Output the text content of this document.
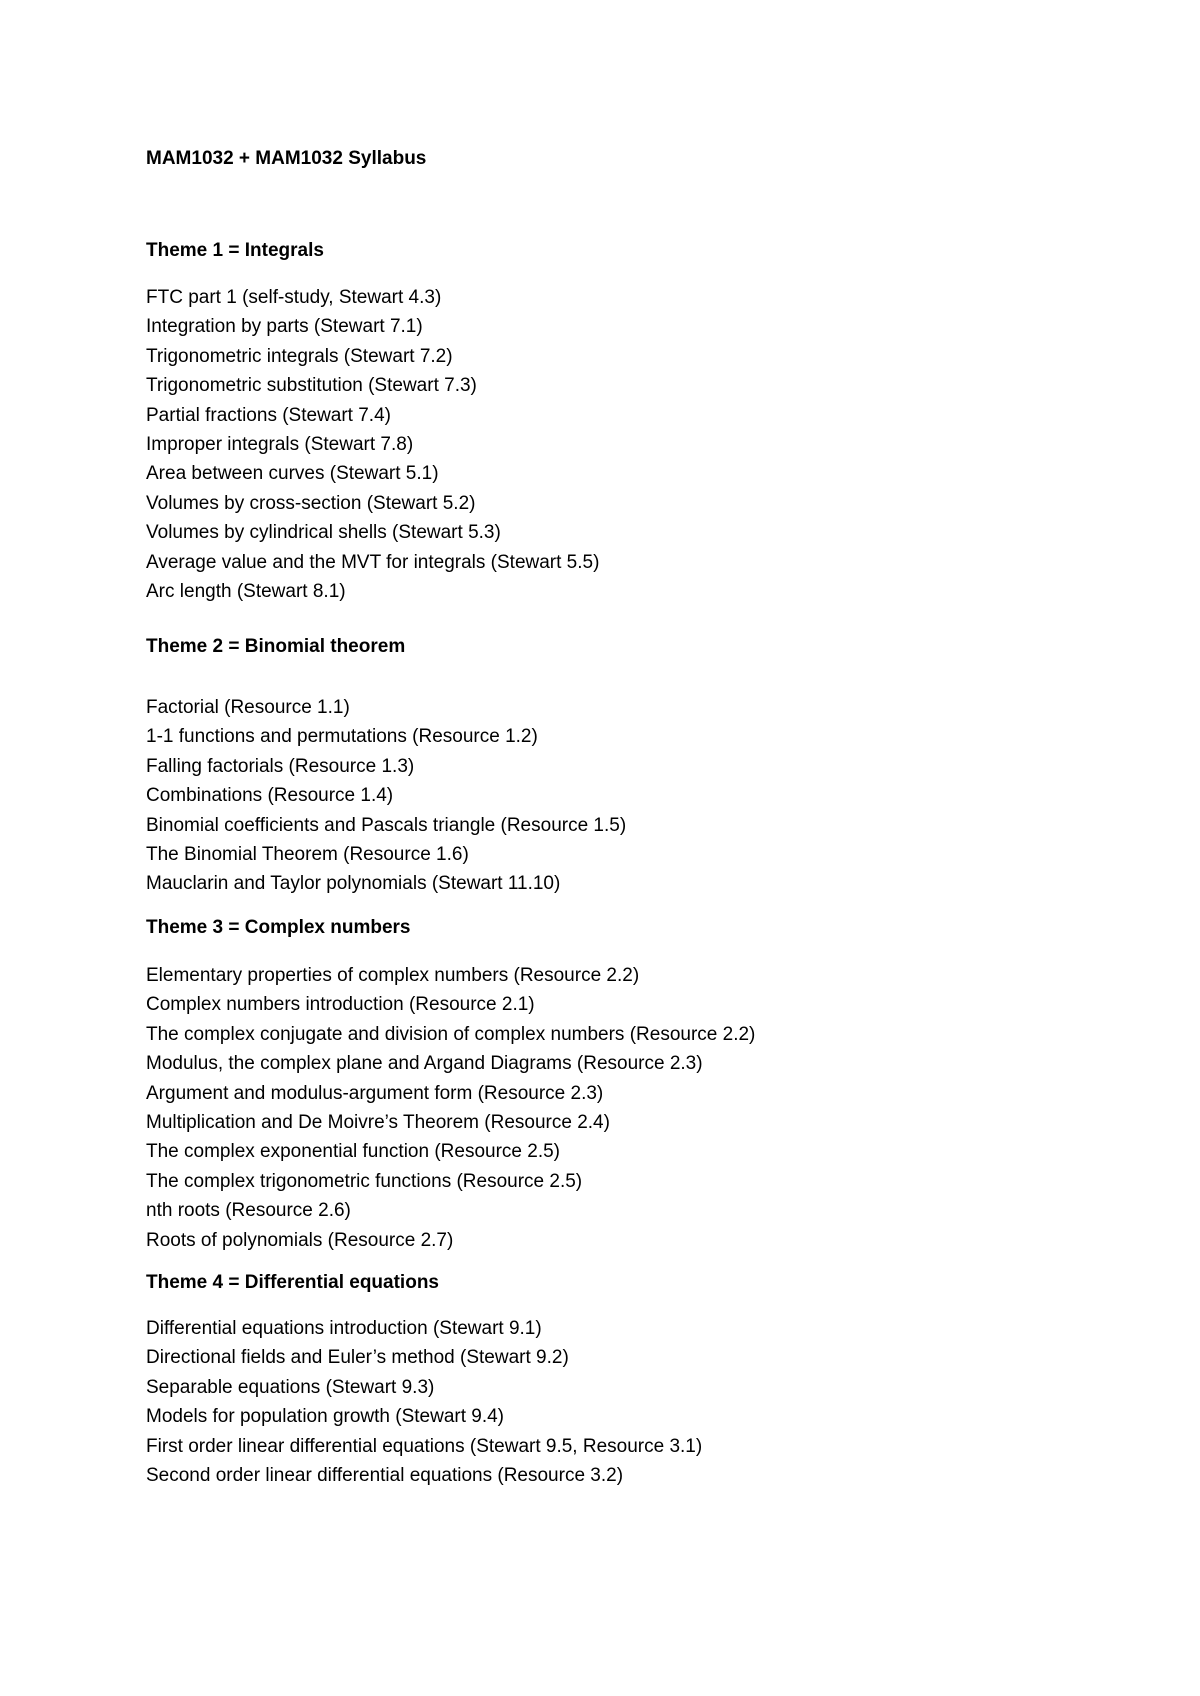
MAM1032 + MAM1032 Syllabus
Theme 1 = Integrals
FTC part 1 (self-study, Stewart 4.3)
Integration by parts (Stewart 7.1)
Trigonometric integrals (Stewart 7.2)
Trigonometric substitution (Stewart 7.3)
Partial fractions (Stewart 7.4)
Improper integrals (Stewart 7.8)
Area between curves (Stewart 5.1)
Volumes by cross-section (Stewart 5.2)
Volumes by cylindrical shells (Stewart 5.3)
Average value and the MVT for integrals (Stewart 5.5)
Arc length (Stewart 8.1)
Theme 2 = Binomial theorem
Factorial (Resource 1.1)
1-1 functions and permutations (Resource 1.2)
Falling factorials (Resource 1.3)
Combinations (Resource 1.4)
Binomial coefficients and Pascals triangle (Resource 1.5)
The Binomial Theorem (Resource 1.6)
Mauclarin and Taylor polynomials (Stewart 11.10)
Theme 3 = Complex numbers
Elementary properties of complex numbers (Resource 2.2)
Complex numbers introduction (Resource 2.1)
The complex conjugate and division of complex numbers (Resource 2.2)
Modulus, the complex plane and Argand Diagrams (Resource 2.3)
Argument and modulus-argument form (Resource 2.3)
Multiplication and De Moivre’s Theorem (Resource 2.4)
The complex exponential function (Resource 2.5)
The complex trigonometric functions (Resource 2.5)
nth roots (Resource 2.6)
Roots of polynomials (Resource 2.7)
Theme 4 = Differential equations
Differential equations introduction (Stewart 9.1)
Directional fields and Euler’s method (Stewart 9.2)
Separable equations (Stewart 9.3)
Models for population growth (Stewart 9.4)
First order linear differential equations (Stewart 9.5, Resource 3.1)
Second order linear differential equations (Resource 3.2)
